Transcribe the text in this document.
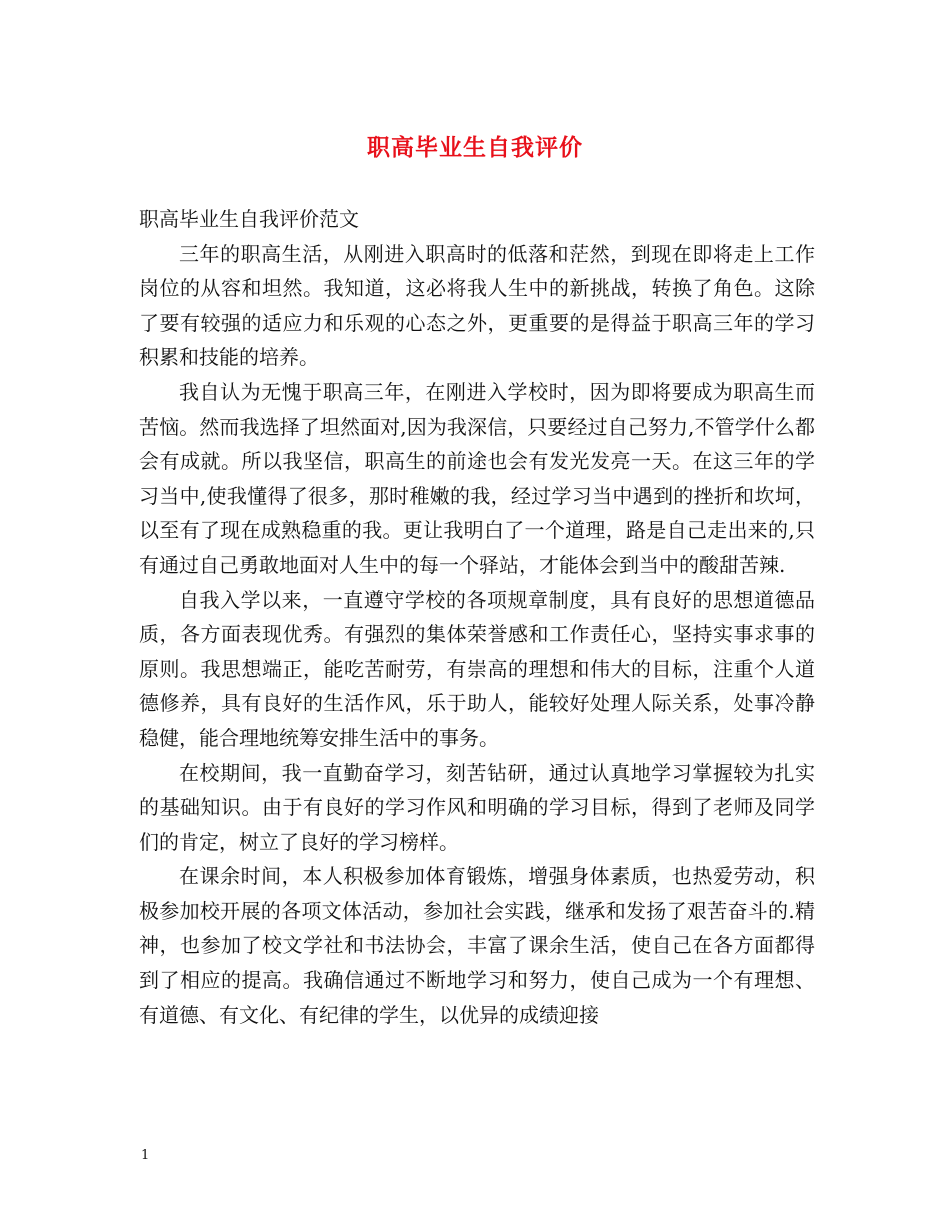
职高毕业生自我评价

职高毕业生自我评价范文

三年的职高生活，从刚进入职高时的低落和茫然，到现在即将走上工作岗位的从容和坦然。我知道，这必将我人生中的新挑战，转换了角色。这除了要有较强的适应力和乐观的心态之外，更重要的是得益于职高三年的学习积累和技能的培养。

我自认为无愧于职高三年，在刚进入学校时，因为即将要成为职高生而苦恼。然而我选择了坦然面对,因为我深信，只要经过自己努力,不管学什么都会有成就。所以我坚信，职高生的前途也会有发光发亮一天。在这三年的学习当中,使我懂得了很多，那时稚嫩的我，经过学习当中遇到的挫折和坎坷，以至有了现在成熟稳重的我。更让我明白了一个道理，路是自己走出来的,只有通过自己勇敢地面对人生中的每一个驿站，才能体会到当中的酸甜苦辣.

自我入学以来，一直遵守学校的各项规章制度，具有良好的思想道德品质，各方面表现优秀。有强烈的集体荣誉感和工作责任心，坚持实事求事的原则。我思想端正，能吃苦耐劳，有崇高的理想和伟大的目标，注重个人道德修养，具有良好的生活作风，乐于助人，能较好处理人际关系，处事冷静稳健，能合理地统筹安排生活中的事务。

在校期间，我一直勤奋学习，刻苦钻研，通过认真地学习掌握较为扎实的基础知识。由于有良好的学习作风和明确的学习目标，得到了老师及同学们的肯定，树立了良好的学习榜样。

在课余时间，本人积极参加体育锻炼，增强身体素质，也热爱劳动，积极参加校开展的各项文体活动，参加社会实践，继承和发扬了艰苦奋斗的.精神，也参加了校文学社和书法协会，丰富了课余生活，使自己在各方面都得到了相应的提高。我确信通过不断地学习和努力，使自己成为一个有理想、有道德、有文化、有纪律的学生，以优异的成绩迎接

1
